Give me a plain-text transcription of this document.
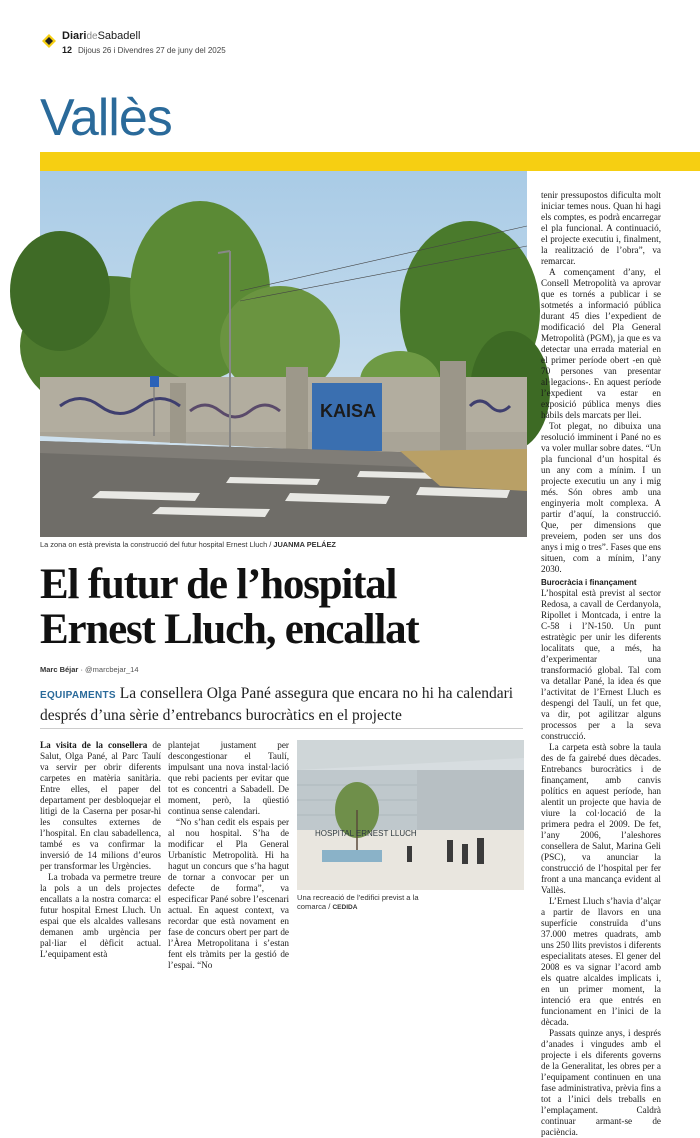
DiarideSabadell
12 Dijous 26 i Divendres 27 de juny del 2025
Vallès
KAISA
La zona on està prevista la construcció del futur hospital Ernest Lluch / JUANMA PELÁEZ
El futur de l’hospital
Ernest Lluch, encallat
Marc Béjar · @marcbejar_14
EQUIPAMENTS La consellera Olga Pané assegura que encara no hi ha calendari després d’una sèrie d’entrebancs burocràtics en el projecte

La visita de la consellera de Salut, Olga Pané, al Parc Taulí va servir per obrir diferents carpetes en matèria sanitària. Entre elles, el paper del departament per desbloquejar el litigi de la Caserna per posar-hi les consultes externes de l’hospital. En clau sabadellenca, també es va confirmar la inversió de 14 milions d’euros per transformar les Urgències.

La trobada va permetre treure la pols a un dels projectes encallats a la nostra comarca: el futur hospital Ernest Lluch. Un espai que els alcaldes vallesans demanen amb urgència per pal·liar el dèficit actual. L’equipament està

plantejat justament per descongestionar el Taulí, impulsant una nova instal·lació que rebi pacients per evitar que tot es concentri a Sabadell. De moment, però, la qüestió continua sense calendari.

“No s’han cedit els espais per al nou hospital. S’ha de modificar el Pla General Urbanístic Metropolità. Hi ha hagut un concurs que s’ha hagut de tornar a convocar per un defecte de forma”, va especificar Pané sobre l’escenari actual. En aquest context, va recordar que està novament en fase de concurs obert per part de l’Àrea Metropolitana i s’estan fent els tràmits per la gestió de l’espai. “No

HOSPITAL ERNEST LLUCH
Una recreació de l’edifici previst a la comarca / CEDIDA

tenir pressupostos dificulta molt iniciar temes nous. Quan hi hagi els comptes, es podrà encarregar el pla funcional. A continuació, el projecte executiu i, finalment, la realització de l’obra”, va remarcar.

A començament d’any, el Consell Metropolità va aprovar que es tornés a publicar i se sotmetés a informació pública durant 45 dies l’expedient de modificació del Pla General Metropolità (PGM), ja que es va detectar una errada material en el primer període obert -en què 70 persones van presentar al·legacions-. En aquest període l’expedient va estar en exposició pública menys dies hàbils dels marcats per llei.

Tot plegat, no dibuixa una resolució imminent i Pané no es va voler mullar sobre dates. “Un pla funcional d’un hospital és un any com a mínim. I un projecte executiu un any i mig més. Són obres amb una enginyeria molt complexa. A partir d’aquí, la construcció. Que, per dimensions que preveiem, poden ser uns dos anys i mig o tres”. Fases que ens situen, com a mínim, l’any 2030.

Burocràcia i finançament

L’hospital està previst al sector Redosa, a cavall de Cerdanyola, Ripollet i Montcada, i entre la C-58 i l’N-150. Un punt estratègic per unir les diferents localitats que, a més, ha d’experimentar una transformació global. Tal com va detallar Pané, la idea és que l’activitat de l’Ernest Lluch es despengi del Taulí, un fet que, va dir, pot agilitzar alguns processos per a la seva construcció.

La carpeta està sobre la taula des de fa gairebé dues dècades. Entrebancs burocràtics i de finançament, amb canvis polítics en aquest període, han alentit un projecte que havia de viure la col·locació de la primera pedra el 2009. De fet, l’any 2006, l’aleshores consellera de Salut, Marina Geli (PSC), va anunciar la construcció de l’hospital per fer front a una mancança evident al Vallès.

L’Ernest Lluch s’havia d’alçar a partir de llavors en una superfície construïda d’uns 37.000 metres quadrats, amb uns 250 llits previstos i diferents especialitats ateses. El gener del 2008 es va signar l’acord amb els quatre alcaldes implicats i, en un primer moment, la intenció era que entrés en funcionament en l’inici de la dècada.

Passats quinze anys, i després d’anades i vingudes amb el projecte i els diferents governs de la Generalitat, les obres per a l’equipament continuen en una fase administrativa, prèvia fins a tot a l’inici dels treballs en l’emplaçament. Caldrà continuar armant-se de paciència.
